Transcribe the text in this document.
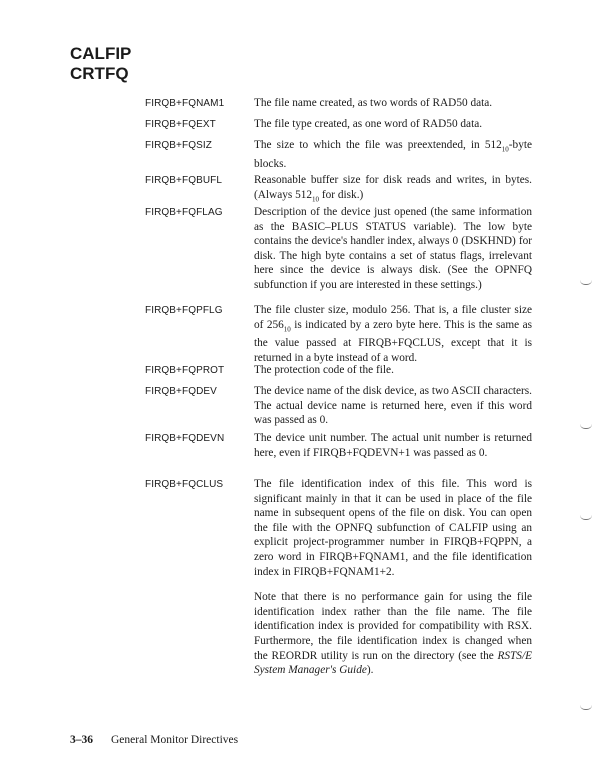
CALFIP
CRTFQ
FIRQB+FQNAM1	The file name created, as two words of RAD50 data.

FIRQB+FQEXT	The file type created, as one word of RAD50 data.

FIRQB+FQSIZ	The size to which the file was preextended, in $512_{10}$-byte blocks.

FIRQB+FQBUFL	Reasonable buffer size for disk reads and writes, in bytes. (Always $512_{10}$ for disk.)

FIRQB+FQFLAG	Description of the device just opened (the same information as the BASIC–PLUS STATUS variable). The low byte contains the device's handler index, always 0 (DSKHND) for disk. The high byte contains a set of status flags, irrelevant here since the device is always disk. (See the OPNFQ subfunction if you are interested in these settings.)

FIRQB+FQPFLG	The file cluster size, modulo 256. That is, a file cluster size of $256_{10}$ is indicated by a zero byte here. This is the same as the value passed at FIRQB+FQCLUS, except that it is returned in a byte instead of a word.

FIRQB+FQPROT	The protection code of the file.

FIRQB+FQDEV	The device name of the disk device, as two ASCII characters. The actual device name is returned here, even if this word was passed as 0.

FIRQB+FQDEVN	The device unit number. The actual unit number is returned here, even if FIRQB+FQDEVN+1 was passed as 0.

FIRQB+FQCLUS	The file identification index of this file. This word is significant mainly in that it can be used in place of the file name in subsequent opens of the file on disk. You can open the file with the OPNFQ subfunction of CALFIP using an explicit project-programmer number in FIRQB+FQPPN, a zero word in FIRQB+FQNAM1, and the file identification index in FIRQB+FQNAM1+2.

Note that there is no performance gain for using the file identification index rather than the file name. The file identification index is provided for compatibility with RSX. Furthermore, the file identification index is changed when the REORDR utility is run on the directory (see the RSTS/E System Manager's Guide).

3–36 General Monitor Directives
